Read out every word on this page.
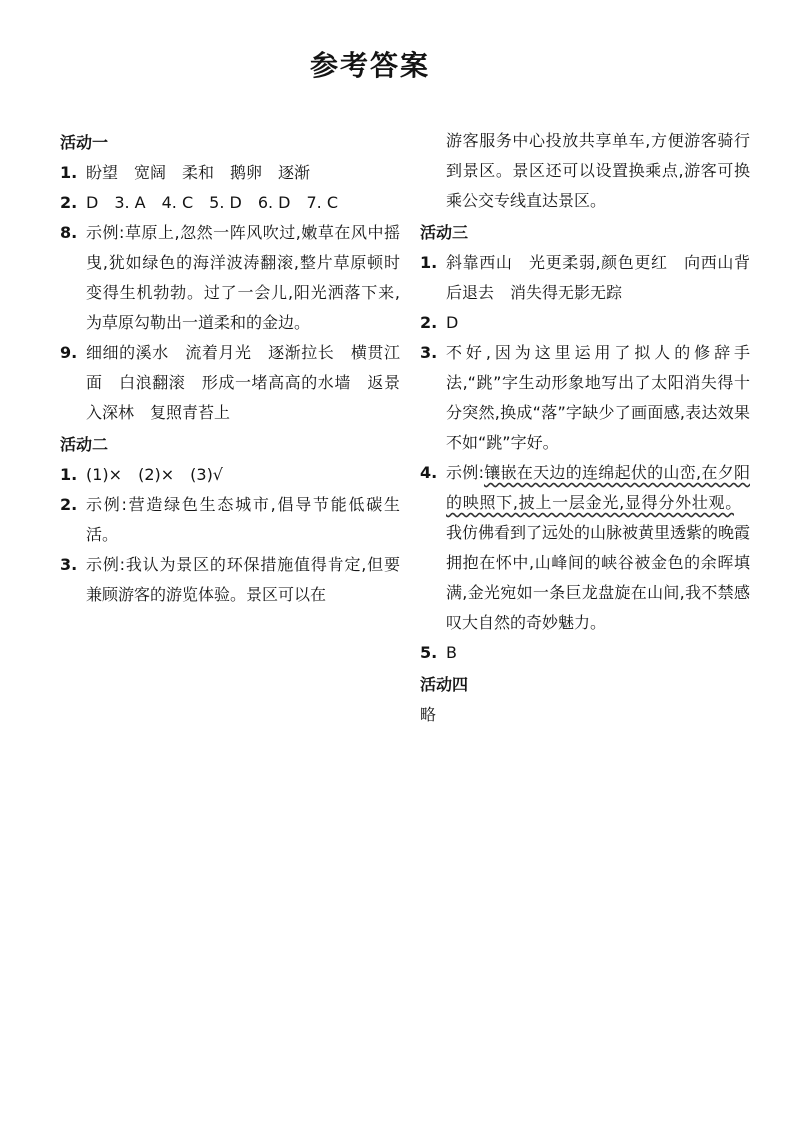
参考答案
活动一
1. 盼望　宽阔　柔和　鹅卵　逐渐
2. D　3. A　4. C　5. D　6. D　7. C
8. 示例:草原上,忽然一阵风吹过,嫩草在风中摇曳,犹如绿色的海洋波涛翻滚,整片草原顿时变得生机勃勃。过了一会儿,阳光洒落下来,为草原勾勒出一道柔和的金边。
9. 细细的溪水　流着月光　逐渐拉长　横贯江面　白浪翻滚　形成一堵高高的水墙　返景入深林　复照青苔上
活动二
1. (1)×　(2)×　(3)√
2. 示例:营造绿色生态城市,倡导节能低碳生活。
3. 示例:我认为景区的环保措施值得肯定,但要兼顾游客的游览体验。景区可以在
游客服务中心投放共享单车,方便游客骑行到景区。景区还可以设置换乘点,游客可换乘公交专线直达景区。
活动三
1. 斜靠西山　光更柔弱,颜色更红　向西山背后退去　消失得无影无踪
2. D
3. 不好,因为这里运用了拟人的修辞手法,“跳”字生动形象地写出了太阳消失得十分突然,换成“落”字缺少了画面感,表达效果不如“跳”字好。
4. 示例:镶嵌在天边的连绵起伏的山峦,在夕阳的映照下,披上一层金光,显得分外壮观。　我仿佛看到了远处的山脉被黄里透紫的晚霞拥抱在怀中,山峰间的峡谷被金色的余晖填满,金光宛如一条巨龙盘旋在山间,我不禁感叹大自然的奇妙魅力。
5. B
活动四
略
